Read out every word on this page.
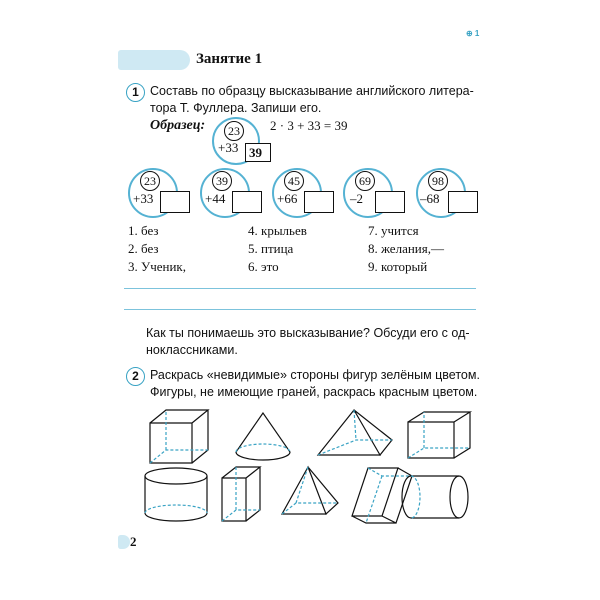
Занятие 1
⊕ 1
1 Составь по образцу высказывание английского литера-
тора Т. Фуллера. Запиши его.
Образец:	23
+33 39
2 · 3 + 33 = 39
23
+33
39
+44
45
+66
69
–2
98
–68
1. без
2. без
3. Ученик,
4. крыльев
5. птица
6. это
7. учится
8. желания,—
9. который
Как ты понимаешь это высказывание? Обсуди его с од-
ноклассниками.
2 Раскрась «невидимые» стороны фигур зелёным цветом.
Фигуры, не имеющие граней, раскрась красным цветом.
2
